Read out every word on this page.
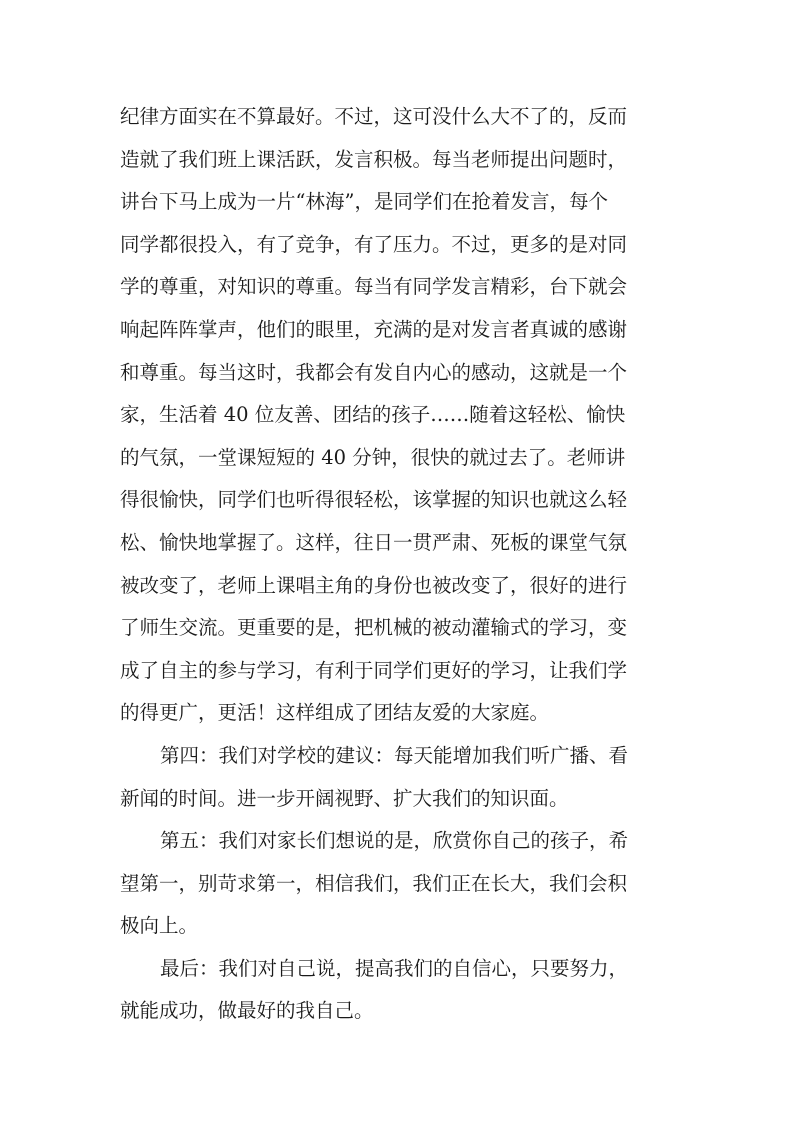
纪律方面实在不算最好。不过，这可没什么大不了的，反而
造就了我们班上课活跃，发言积极。每当老师提出问题时，
讲台下马上成为一片“林海”，是同学们在抢着发言，每个
同学都很投入，有了竞争，有了压力。不过，更多的是对同
学的尊重，对知识的尊重。每当有同学发言精彩，台下就会
响起阵阵掌声，他们的眼里，充满的是对发言者真诚的感谢
和尊重。每当这时，我都会有发自内心的感动，这就是一个
家，生活着 40 位友善、团结的孩子……随着这轻松、愉快
的气氛，一堂课短短的 40 分钟，很快的就过去了。老师讲
得很愉快，同学们也听得很轻松，该掌握的知识也就这么轻
松、愉快地掌握了。这样，往日一贯严肃、死板的课堂气氛
被改变了，老师上课唱主角的身份也被改变了，很好的进行
了师生交流。更重要的是，把机械的被动灌输式的学习，变
成了自主的参与学习，有利于同学们更好的学习，让我们学
的得更广，更活！这样组成了团结友爱的大家庭。
第四：我们对学校的建议：每天能增加我们听广播、看
新闻的时间。进一步开阔视野、扩大我们的知识面。
第五：我们对家长们想说的是，欣赏你自己的孩子，希
望第一，别苛求第一，相信我们，我们正在长大，我们会积
极向上。
最后：我们对自己说，提高我们的自信心，只要努力，
就能成功，做最好的我自己。
